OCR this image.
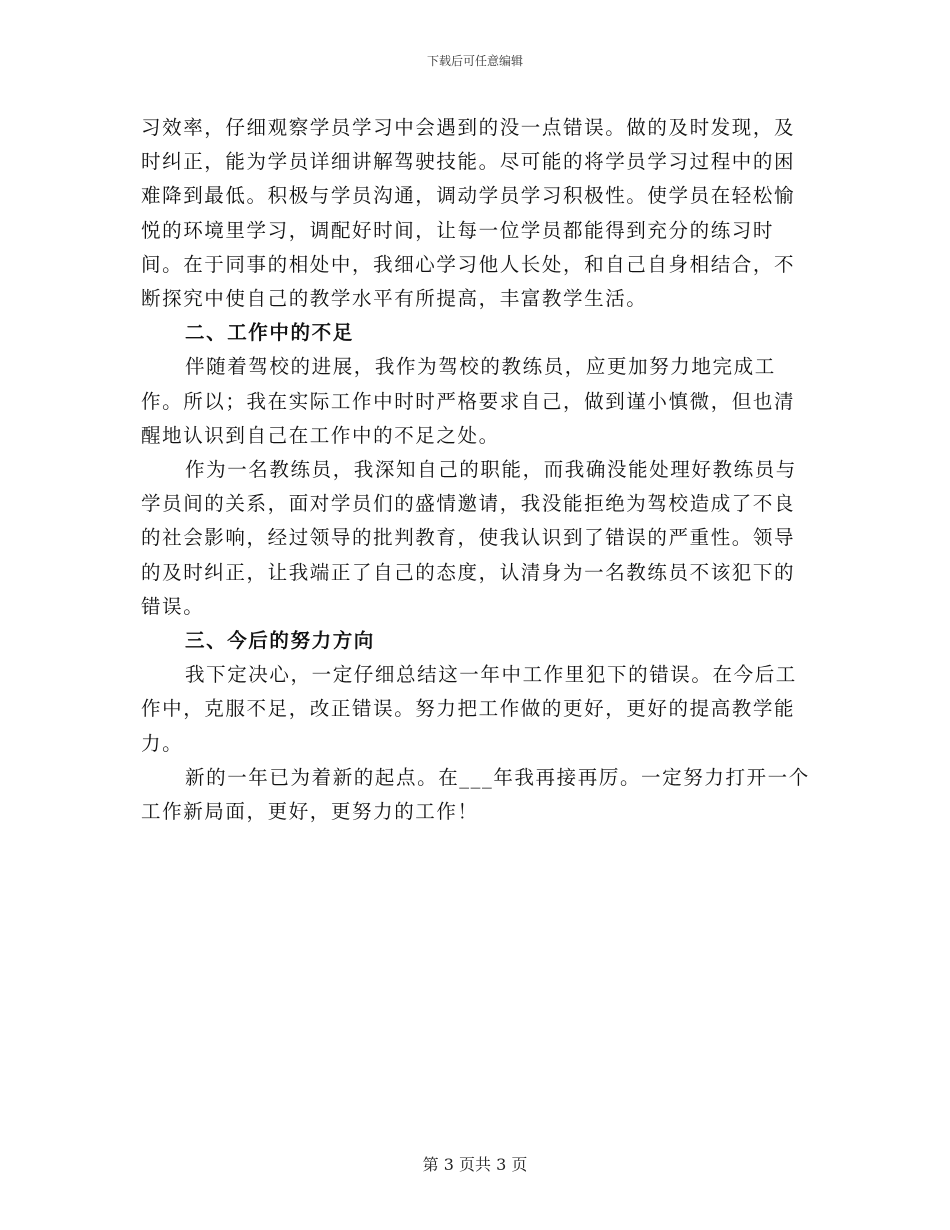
下载后可任意编辑

习效率，仔细观察学员学习中会遇到的没一点错误。做的及时发现，及时纠正，能为学员详细讲解驾驶技能。尽可能的将学员学习过程中的困难降到最低。积极与学员沟通，调动学员学习积极性。使学员在轻松愉悦的环境里学习，调配好时间，让每一位学员都能得到充分的练习时间。在于同事的相处中，我细心学习他人长处，和自己自身相结合，不断探究中使自己的教学水平有所提高，丰富教学生活。

二、工作中的不足

伴随着驾校的进展，我作为驾校的教练员，应更加努力地完成工作。所以；我在实际工作中时时严格要求自己，做到谨小慎微，但也清醒地认识到自己在工作中的不足之处。

作为一名教练员，我深知自己的职能，而我确没能处理好教练员与学员间的关系，面对学员们的盛情邀请，我没能拒绝为驾校造成了不良的社会影响，经过领导的批判教育，使我认识到了错误的严重性。领导的及时纠正，让我端正了自己的态度，认清身为一名教练员不该犯下的错误。

三、今后的努力方向

我下定决心，一定仔细总结这一年中工作里犯下的错误。在今后工作中，克服不足，改正错误。努力把工作做的更好，更好的提高教学能力。

新的一年已为着新的起点。在___年我再接再厉。一定努力打开一个工作新局面，更好，更努力的工作！

第 3 页共 3 页
